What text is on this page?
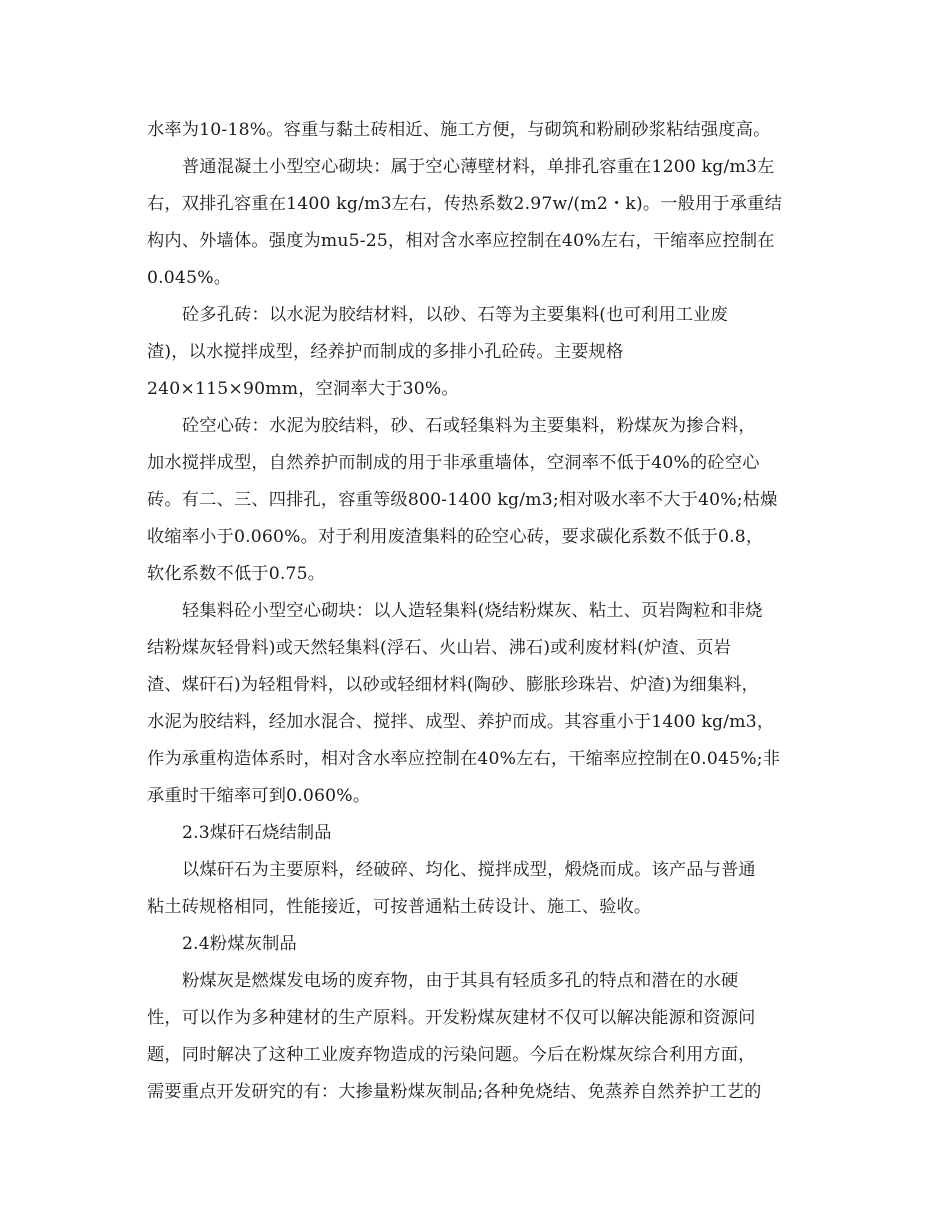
水率为10-18%。容重与黏土砖相近、施工方便，与砌筑和粉刷砂浆粘结强度高。
普通混凝土小型空心砌块：属于空心薄壁材料，单排孔容重在1200 kg/m3左
右，双排孔容重在1400 kg/m3左右，传热系数2.97w/(m2・k)。一般用于承重结
构内、外墙体。强度为mu5-25，相对含水率应控制在40%左右，干缩率应控制在
0.045%。
砼多孔砖：以水泥为胶结材料，以砂、石等为主要集料(也可利用工业废
渣)，以水搅拌成型，经养护而制成的多排小孔砼砖。主要规格
240×115×90mm，空洞率大于30%。
砼空心砖：水泥为胶结料，砂、石或轻集料为主要集料，粉煤灰为掺合料，
加水搅拌成型，自然养护而制成的用于非承重墙体，空洞率不低于40%的砼空心
砖。有二、三、四排孔，容重等级800-1400 kg/m3;相对吸水率不大于40%;枯燥
收缩率小于0.060%。对于利用废渣集料的砼空心砖，要求碳化系数不低于0.8，
软化系数不低于0.75。
轻集料砼小型空心砌块：以人造轻集料(烧结粉煤灰、粘土、页岩陶粒和非烧
结粉煤灰轻骨料)或天然轻集料(浮石、火山岩、沸石)或利废材料(炉渣、页岩
渣、煤矸石)为轻粗骨料，以砂或轻细材料(陶砂、膨胀珍珠岩、炉渣)为细集料，
水泥为胶结料，经加水混合、搅拌、成型、养护而成。其容重小于1400 kg/m3，
作为承重构造体系时，相对含水率应控制在40%左右，干缩率应控制在0.045%;非
承重时干缩率可到0.060%。
2.3煤矸石烧结制品
以煤矸石为主要原料，经破碎、均化、搅拌成型，煅烧而成。该产品与普通
粘土砖规格相同，性能接近，可按普通粘土砖设计、施工、验收。
2.4粉煤灰制品
粉煤灰是燃煤发电场的废弃物，由于其具有轻质多孔的特点和潜在的水硬
性，可以作为多种建材的生产原料。开发粉煤灰建材不仅可以解决能源和资源问
题，同时解决了这种工业废弃物造成的污染问题。今后在粉煤灰综合利用方面，
需要重点开发研究的有：大掺量粉煤灰制品;各种免烧结、免蒸养自然养护工艺的
